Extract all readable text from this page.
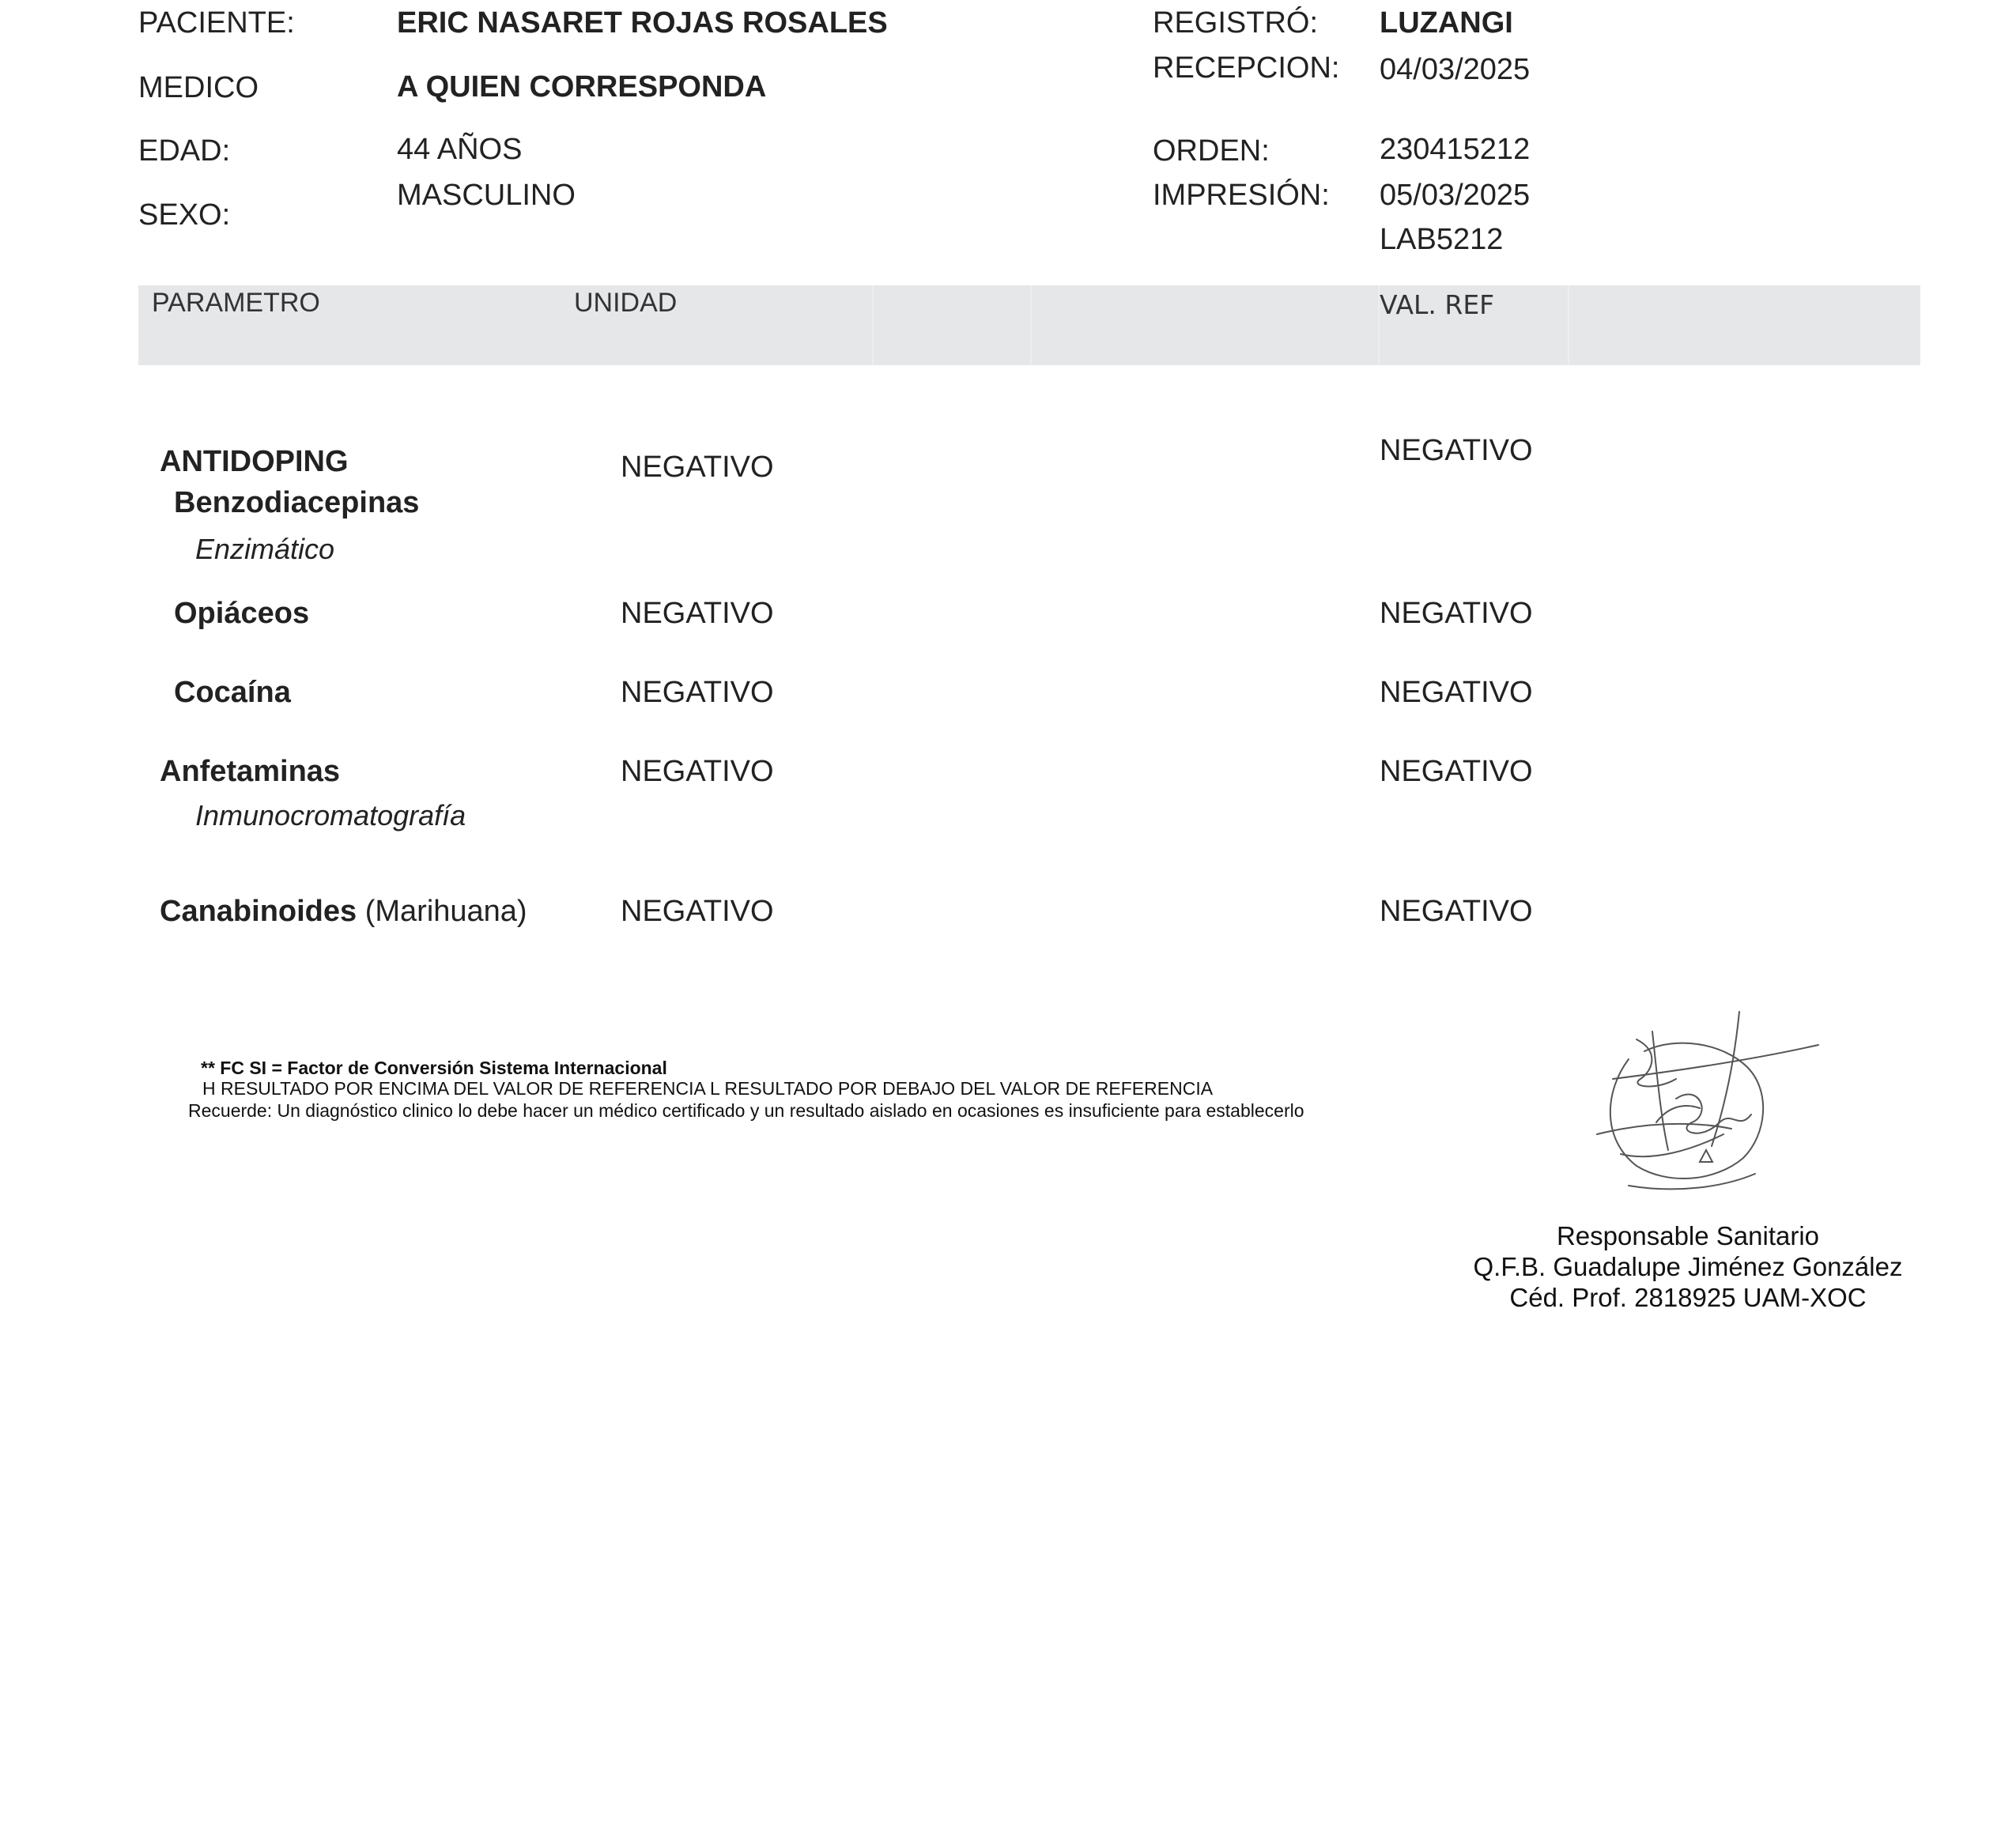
PACIENTE:	ERIC NASARET ROJAS ROSALES
MEDICO	A QUIEN CORRESPONDA
EDAD:	44 AÑOS
SEXO:
MASCULINO
REGISTRÓ: LUZANGI
RECEPCION: 04/03/2025
ORDEN:	230415212
IMPRESIÓN: 05/03/2025
LAB5212
PARAMETRO	UNIDAD	VAL. REF
ANTIDOPING
Benzodiacepinas
Enzimático
NEGATIVO	NEGATIVO
Opiáceos	NEGATIVO	NEGATIVO
Cocaína	NEGATIVO	NEGATIVO
Anfetaminas
Inmunocromatografía
NEGATIVO	NEGATIVO
Canabinoides (Marihuana)	NEGATIVO	NEGATIVO
** FC SI = Factor de Conversión Sistema Internacional
H RESULTADO POR ENCIMA DEL VALOR DE REFERENCIA L RESULTADO POR DEBAJO DEL VALOR DE REFERENCIA
Recuerde: Un diagnóstico clinico lo debe hacer un médico certificado y un resultado aislado en ocasiones es insuficiente para establecerlo
Responsable Sanitario
Q.F.B. Guadalupe Jiménez González
Céd. Prof. 2818925 UAM-XOC
